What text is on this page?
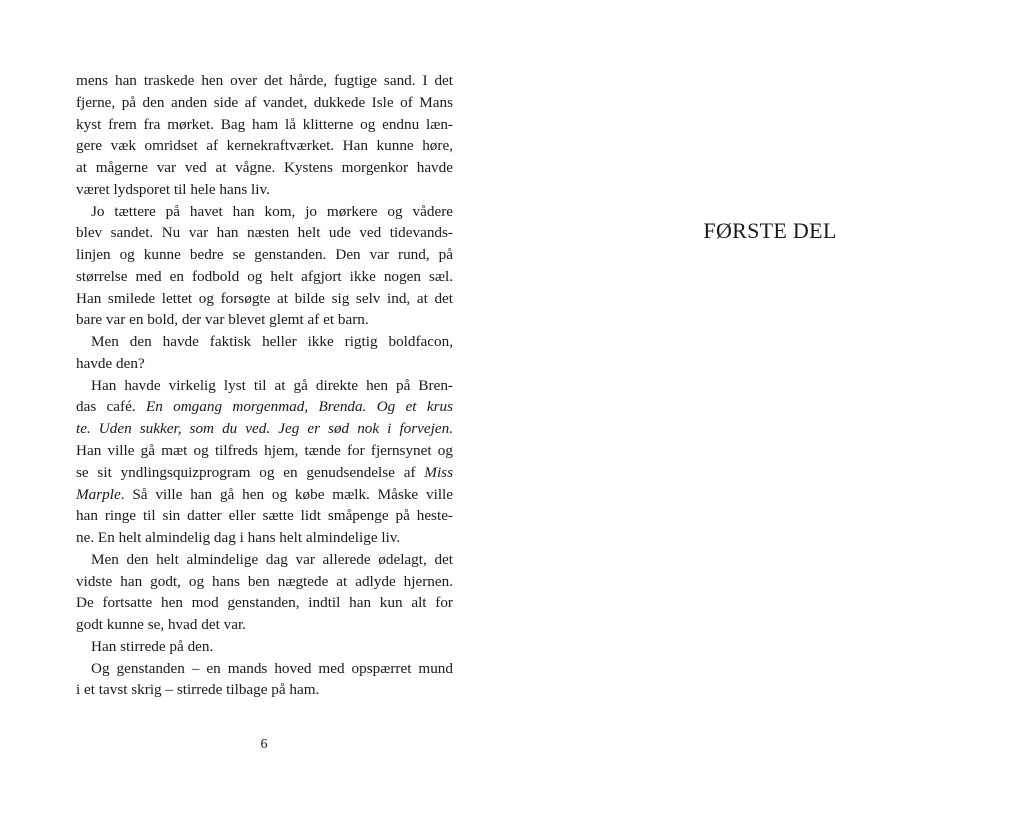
mens han traskede hen over det hårde, fugtige sand. I det
fjerne, på den anden side af vandet, dukkede Isle of Mans
kyst frem fra mørket. Bag ham lå klitterne og endnu læn-
gere væk omridset af kernekraftværket. Han kunne høre,
at mågerne var ved at vågne. Kystens morgenkor havde
været lydsporet til hele hans liv.
Jo tættere på havet han kom, jo mørkere og vådere
blev sandet. Nu var han næsten helt ude ved tidevands-
linjen og kunne bedre se genstanden. Den var rund, på
størrelse med en fodbold og helt afgjort ikke nogen sæl.
Han smilede lettet og forsøgte at bilde sig selv ind, at det
bare var en bold, der var blevet glemt af et barn.
Men den havde faktisk heller ikke rigtig boldfacon,
havde den?
Han havde virkelig lyst til at gå direkte hen på Bren-
das café. En omgang morgenmad, Brenda. Og et krus
te. Uden sukker, som du ved. Jeg er sød nok i forvejen.
Han ville gå mæt og tilfreds hjem, tænde for fjernsynet og
se sit yndlingsquizprogram og en genudsendelse af Miss
Marple. Så ville han gå hen og købe mælk. Måske ville
han ringe til sin datter eller sætte lidt småpenge på heste-
ne. En helt almindelig dag i hans helt almindelige liv.
Men den helt almindelige dag var allerede ødelagt, det
vidste han godt, og hans ben nægtede at adlyde hjernen.
De fortsatte hen mod genstanden, indtil han kun alt for
godt kunne se, hvad det var.
Han stirrede på den.
Og genstanden – en mands hoved med opspærret mund
i et tavst skrig – stirrede tilbage på ham.
6
FØRSTE DEL
